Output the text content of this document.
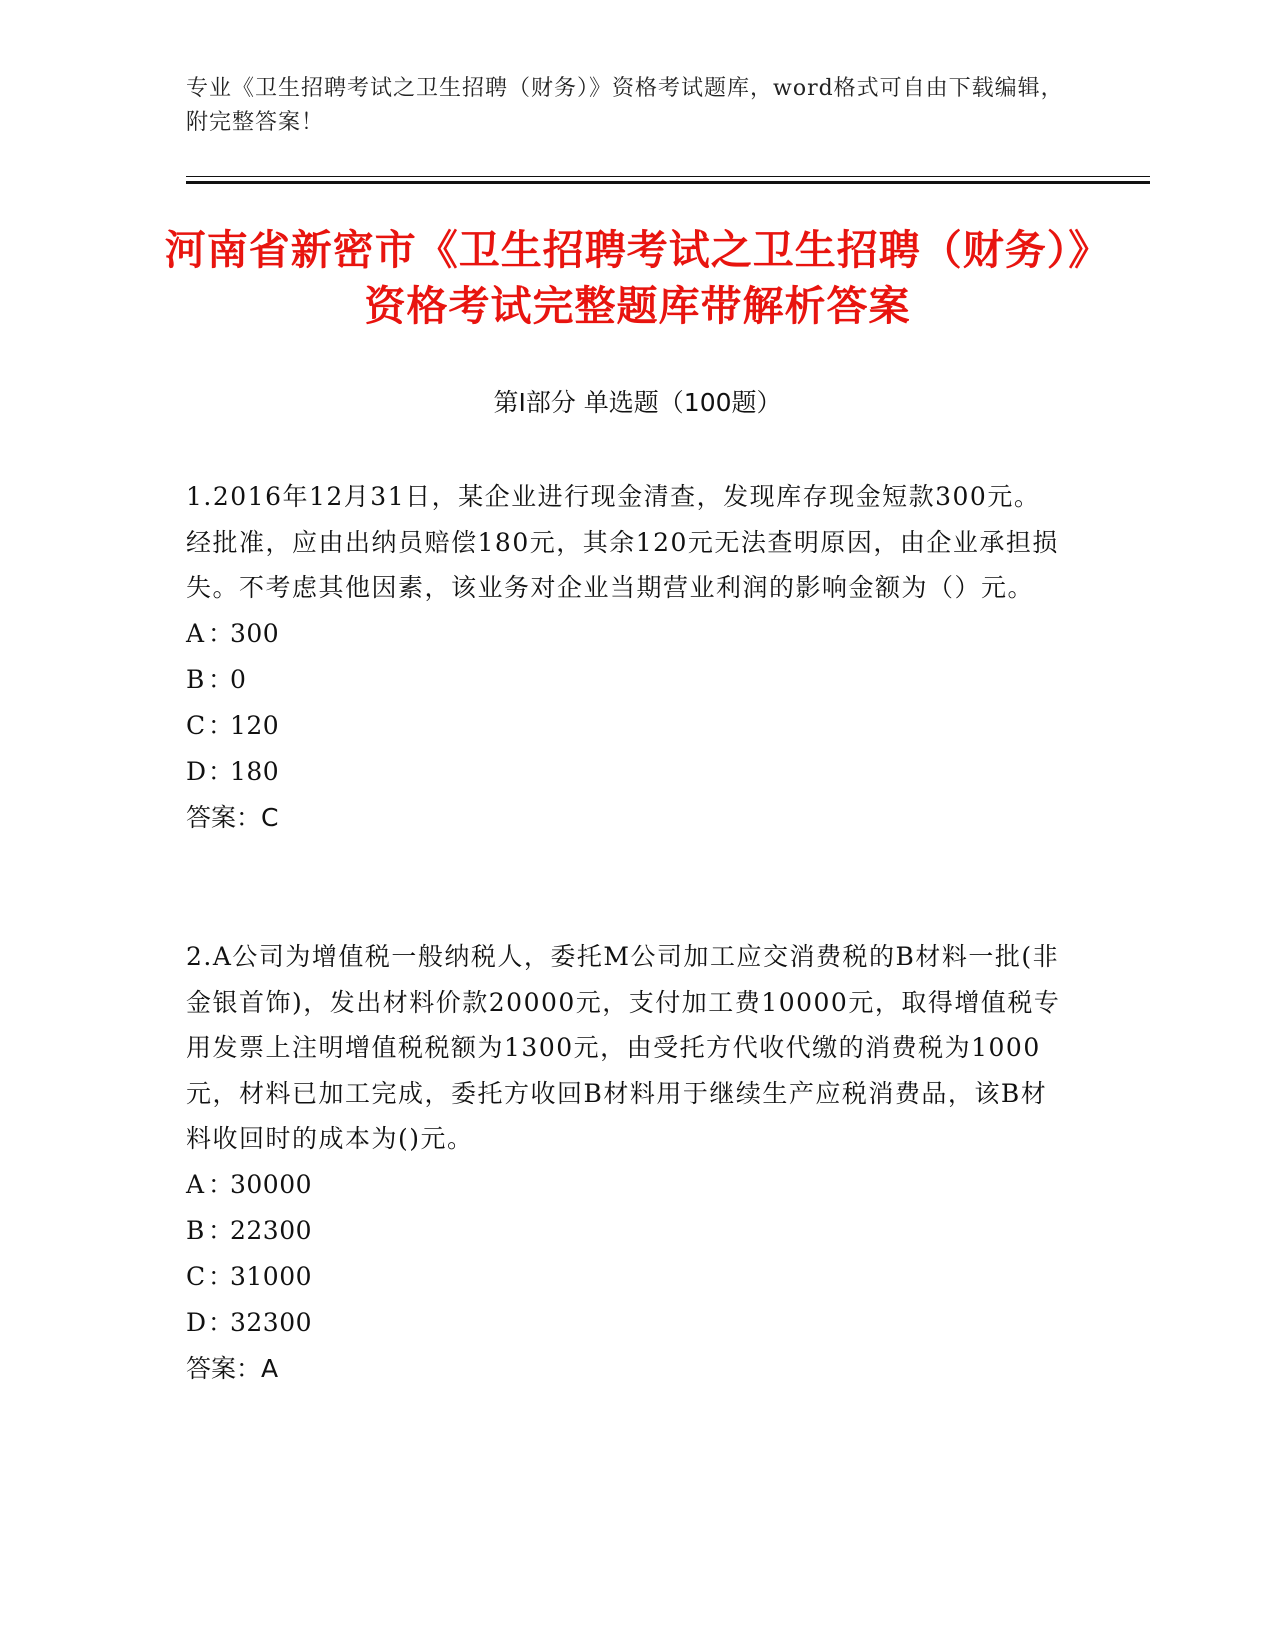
专业《卫生招聘考试之卫生招聘（财务）》资格考试题库，word格式可自由下载编辑，附完整答案！
河南省新密市《卫生招聘考试之卫生招聘（财务）》资格考试完整题库带解析答案
第Ⅰ部分 单选题（100题）

1.2016年12月31日，某企业进行现金清查，发现库存现金短款300元。经批准，应由出纳员赔偿180元，其余120元无法查明原因，由企业承担损失。不考虑其他因素，该业务对企业当期营业利润的影响金额为（）元。

A ：300

B ：0

C：120

D：180

答案：C

2.A公司为增值税一般纳税人，委托M公司加工应交消费税的B材料一批(非金银首饰)，发出材料价款20000元，支付加工费10000元，取得增值税专用发票上注明增值税税额为1300元，由受托方代收代缴的消费税为1000元，材料已加工完成，委托方收回B材料用于继续生产应税消费品，该B材料收回时的成本为()元。

A ：30000

B ：22300

C：31000

D：32300

答案：A
